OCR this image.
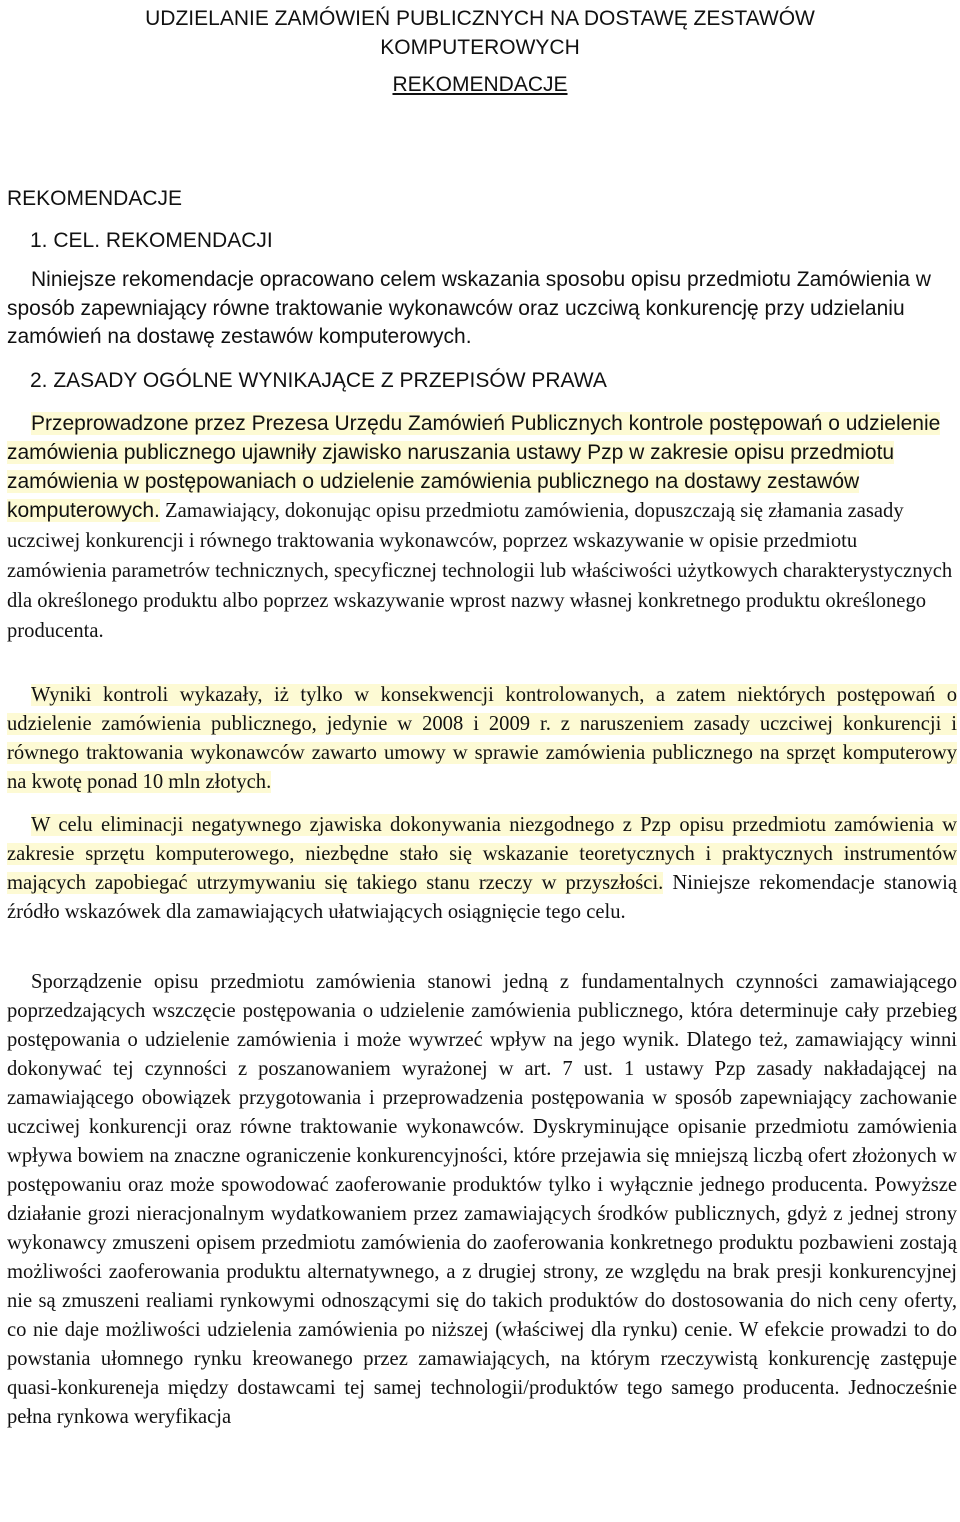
UDZIELANIE ZAMÓWIEŃ PUBLICZNYCH NA DOSTAWĘ ZESTAWÓW
KOMPUTEROWYCH
REKOMENDACJE

REKOMENDACJE

1. CEL. REKOMENDACJI

Niniejsze rekomendacje opracowano celem wskazania sposobu opisu przedmiotu Zamówienia w sposób zapewniający równe traktowanie wykonawców oraz uczciwą konkurencję przy udzielaniu zamówień na dostawę zestawów komputerowych.

2. ZASADY OGÓLNE WYNIKAJĄCE Z PRZEPISÓW PRAWA

Przeprowadzone przez Prezesa Urzędu Zamówień Publicznych kontrole postępowań o udzielenie zamówienia publicznego ujawniły zjawisko naruszania ustawy Pzp w zakresie opisu przedmiotu zamówienia w postępowaniach o udzielenie zamówienia publicznego na dostawy zestawów komputerowych. Zamawiający, dokonując opisu przedmiotu zamówienia, dopuszczają się złamania zasady uczciwej konkurencji i równego traktowania wykonawców, poprzez wskazywanie w opisie przedmiotu zamówienia parametrów technicznych, specyficznej technologii lub właściwości użytkowych charakterystycznych dla określonego produktu albo poprzez wskazywanie wprost nazwy własnej konkretnego produktu określonego producenta.

Wyniki kontroli wykazały, iż tylko w konsekwencji kontrolowanych, a zatem niektórych postępowań o udzielenie zamówienia publicznego, jedynie w 2008 i 2009 r. z naruszeniem zasady uczciwej konkurencji i równego traktowania wykonawców zawarto umowy w sprawie zamówienia publicznego na sprzęt komputerowy na kwotę ponad 10 mln złotych.

W celu eliminacji negatywnego zjawiska dokonywania niezgodnego z Pzp opisu przedmiotu zamówienia w zakresie sprzętu komputerowego, niezbędne stało się wskazanie teoretycznych i praktycznych instrumentów mających zapobiegać utrzymywaniu się takiego stanu rzeczy w przyszłości. Niniejsze rekomendacje stanowią źródło wskazówek dla zamawiających ułatwiających osiągnięcie tego celu.

Sporządzenie opisu przedmiotu zamówienia stanowi jedną z fundamentalnych czynności zamawiającego poprzedzających wszczęcie postępowania o udzielenie zamówienia publicznego, która determinuje cały przebieg postępowania o udzielenie zamówienia i może wywrzeć wpływ na jego wynik. Dlatego też, zamawiający winni dokonywać tej czynności z poszanowaniem wyrażonej w art. 7 ust. 1 ustawy Pzp zasady nakładającej na zamawiającego obowiązek przygotowania i przeprowadzenia postępowania w sposób zapewniający zachowanie uczciwej konkurencji oraz równe traktowanie wykonawców. Dyskryminujące opisanie przedmiotu zamówienia wpływa bowiem na znaczne ograniczenie konkurencyjności, które przejawia się mniejszą liczbą ofert złożonych w postępowaniu oraz może spowodować zaoferowanie produktów tylko i wyłącznie jednego producenta. Powyższe działanie grozi nieracjonalnym wydatkowaniem przez zamawiających środków publicznych, gdyż z jednej strony wykonawcy zmuszeni opisem przedmiotu zamówienia do zaoferowania konkretnego produktu pozbawieni zostają możliwości zaoferowania produktu alternatywnego, a z drugiej strony, ze względu na brak presji konkurencyjnej nie są zmuszeni realiami rynkowymi odnoszącymi się do takich produktów do dostosowania do nich ceny oferty, co nie daje możliwości udzielenia zamówienia po niższej (właściwej dla rynku) cenie. W efekcie prowadzi to do powstania ułomnego rynku kreowanego przez zamawiających, na którym rzeczywistą konkurencję zastępuje quasi-konkureneja między dostawcami tej samej technologii/produktów tego samego producenta. Jednocześnie pełna rynkowa weryfikacja
